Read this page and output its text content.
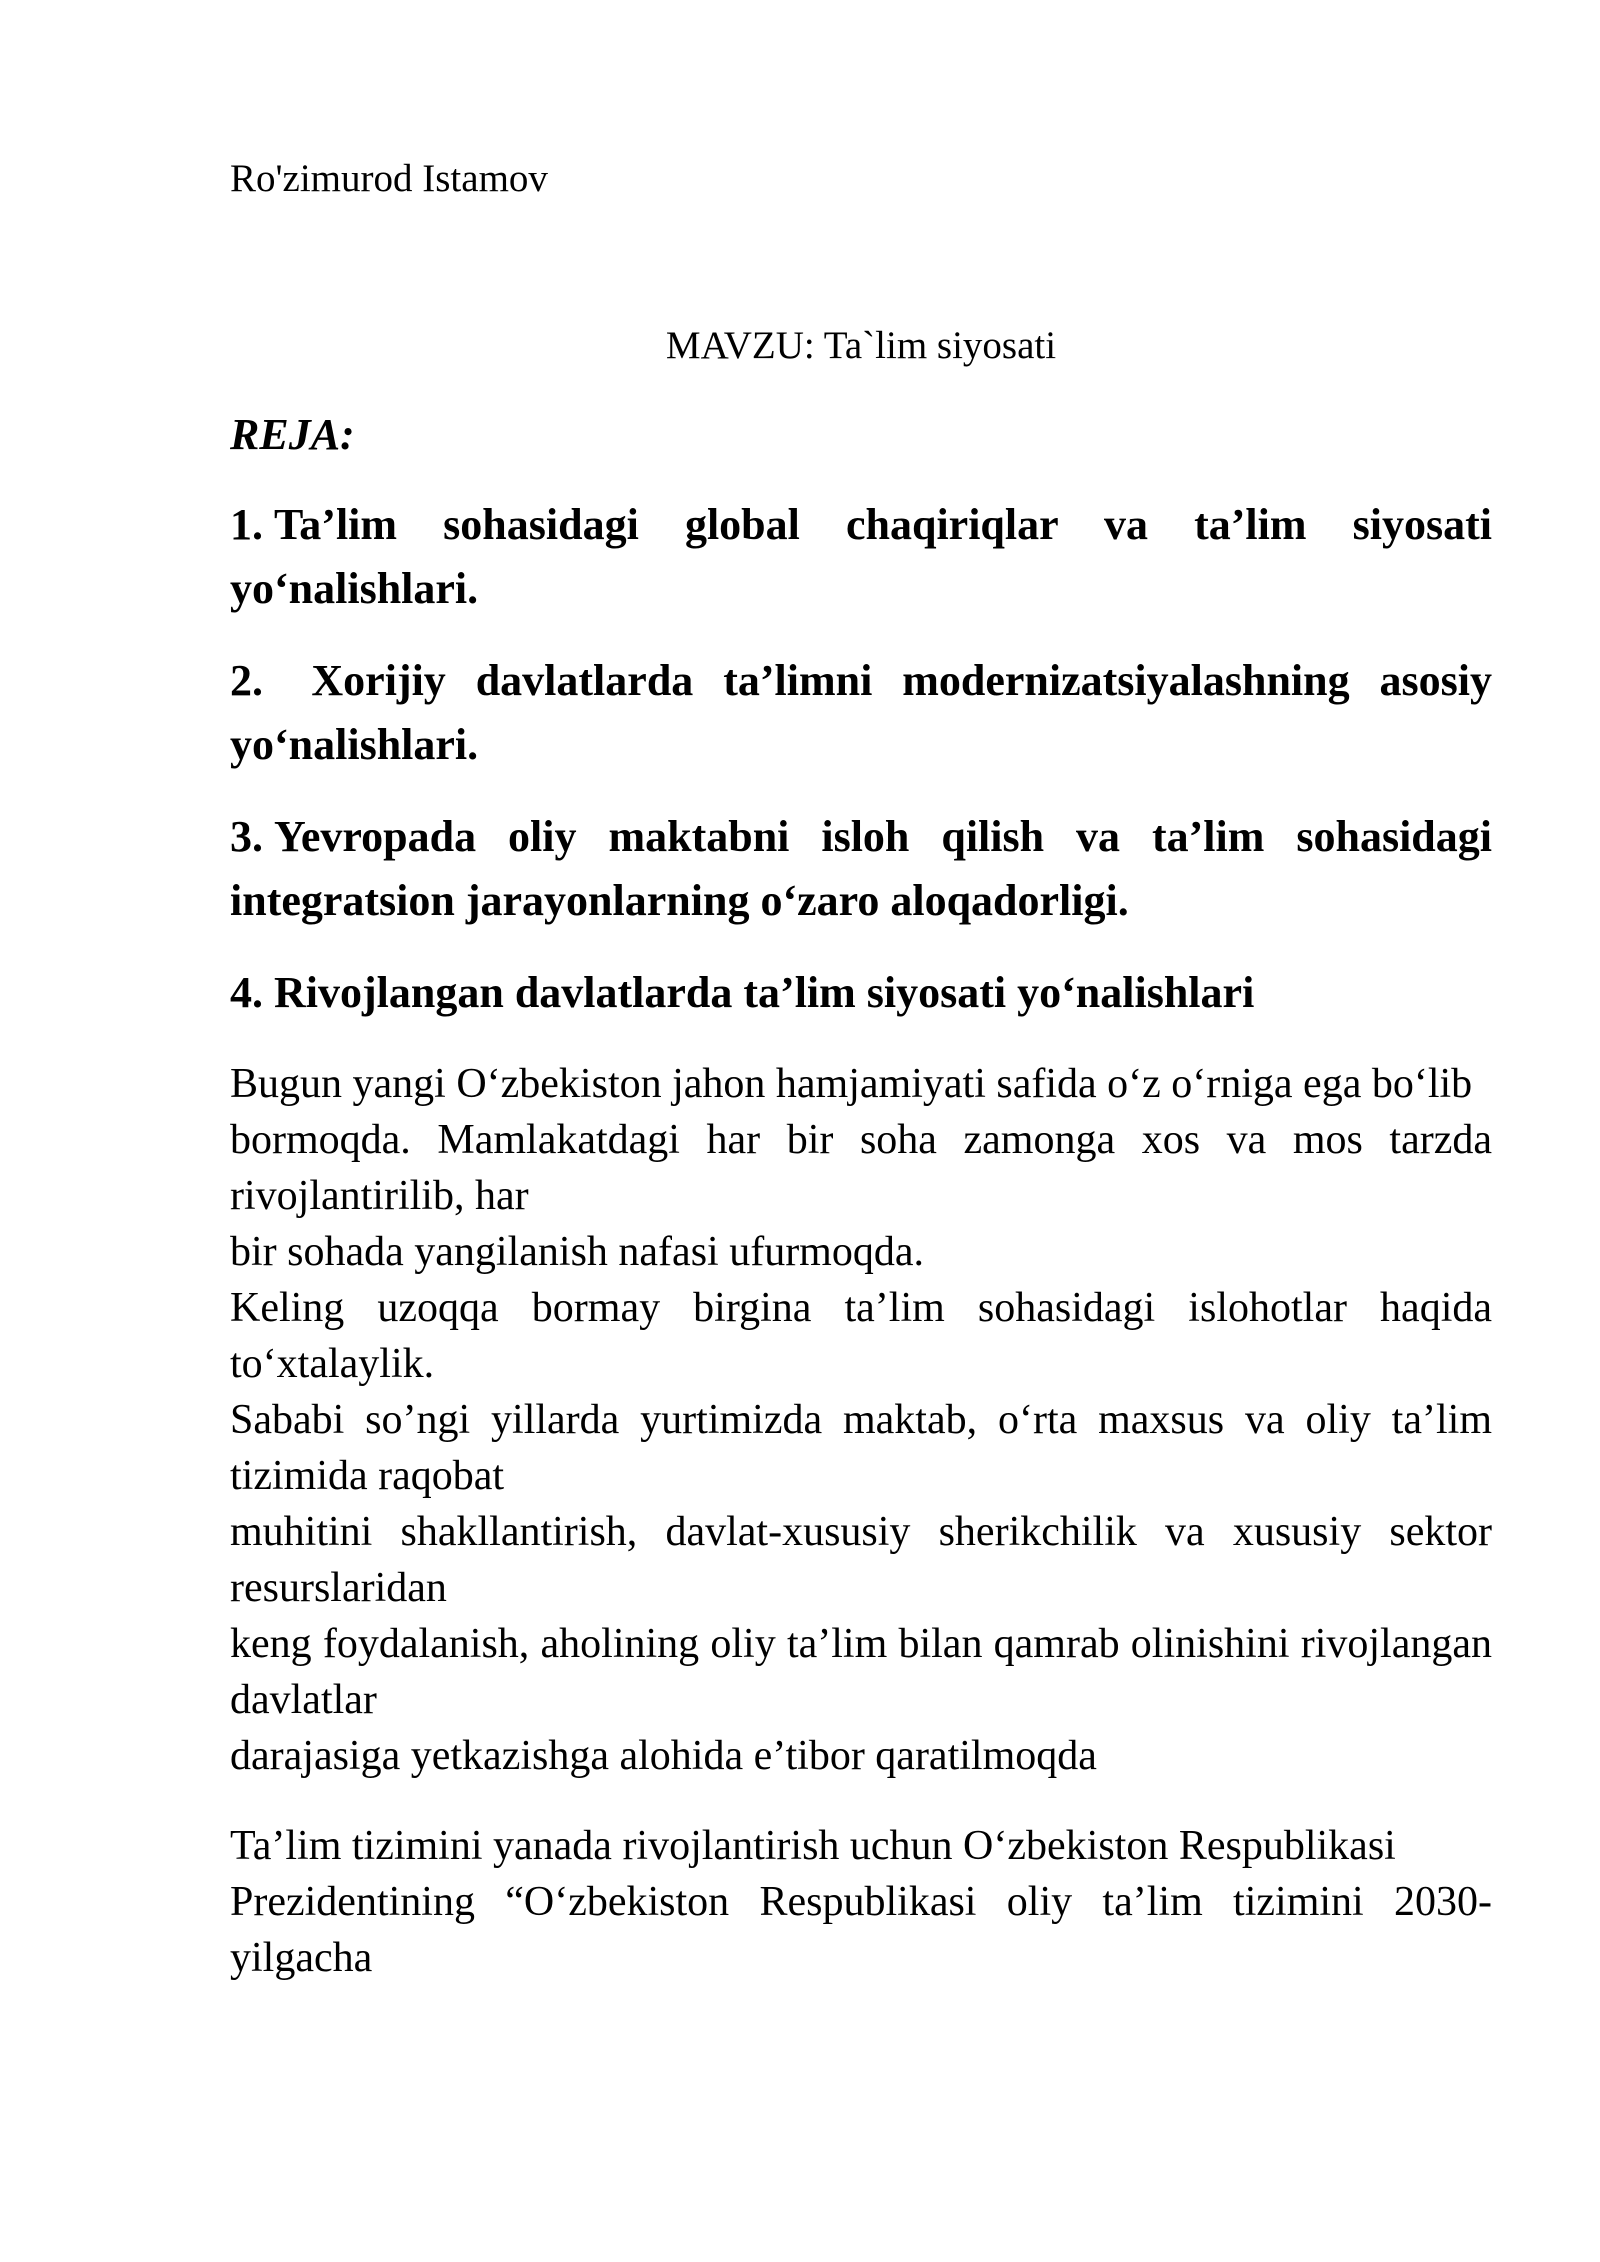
Ro'zimurod Istamov
MAVZU: Ta`lim siyosati
REJA:

1. Ta’lim sohasidagi global chaqiriqlar va ta’lim siyosati yo‘nalishlari.

2. Xorijiy davlatlarda ta’limni modernizatsiyalashning asosiy yo‘nalishlari.

3. Yevropada oliy maktabni isloh qilish va ta’lim sohasidagi integratsion jarayonlarning o‘zaro aloqadorligi.

4. Rivojlangan davlatlarda ta’lim siyosati yo‘nalishlari

Bugun yangi O‘zbekiston jahon hamjamiyati safida o‘z o‘rniga ega bo‘lib
bormoqda. Mamlakatdagi har bir soha zamonga xos va mos tarzda rivojlantirilib, har
bir sohada yangilanish nafasi ufurmoqda.
Keling uzoqqa bormay birgina ta’lim sohasidagi islohotlar haqida to‘xtalaylik.
Sababi so’ngi yillarda yurtimizda maktab, o‘rta maxsus va oliy ta’lim tizimida raqobat
muhitini shakllantirish, davlat-xususiy sherikchilik va xususiy sektor resurslaridan
keng foydalanish, aholining oliy ta’lim bilan qamrab olinishini rivojlangan davlatlar
darajasiga yetkazishga alohida e’tibor qaratilmoqda

Ta’lim tizimini yanada rivojlantirish uchun O‘zbekiston Respublikasi
Prezidentining “O‘zbekiston Respublikasi oliy ta’lim tizimini 2030-yilgacha
